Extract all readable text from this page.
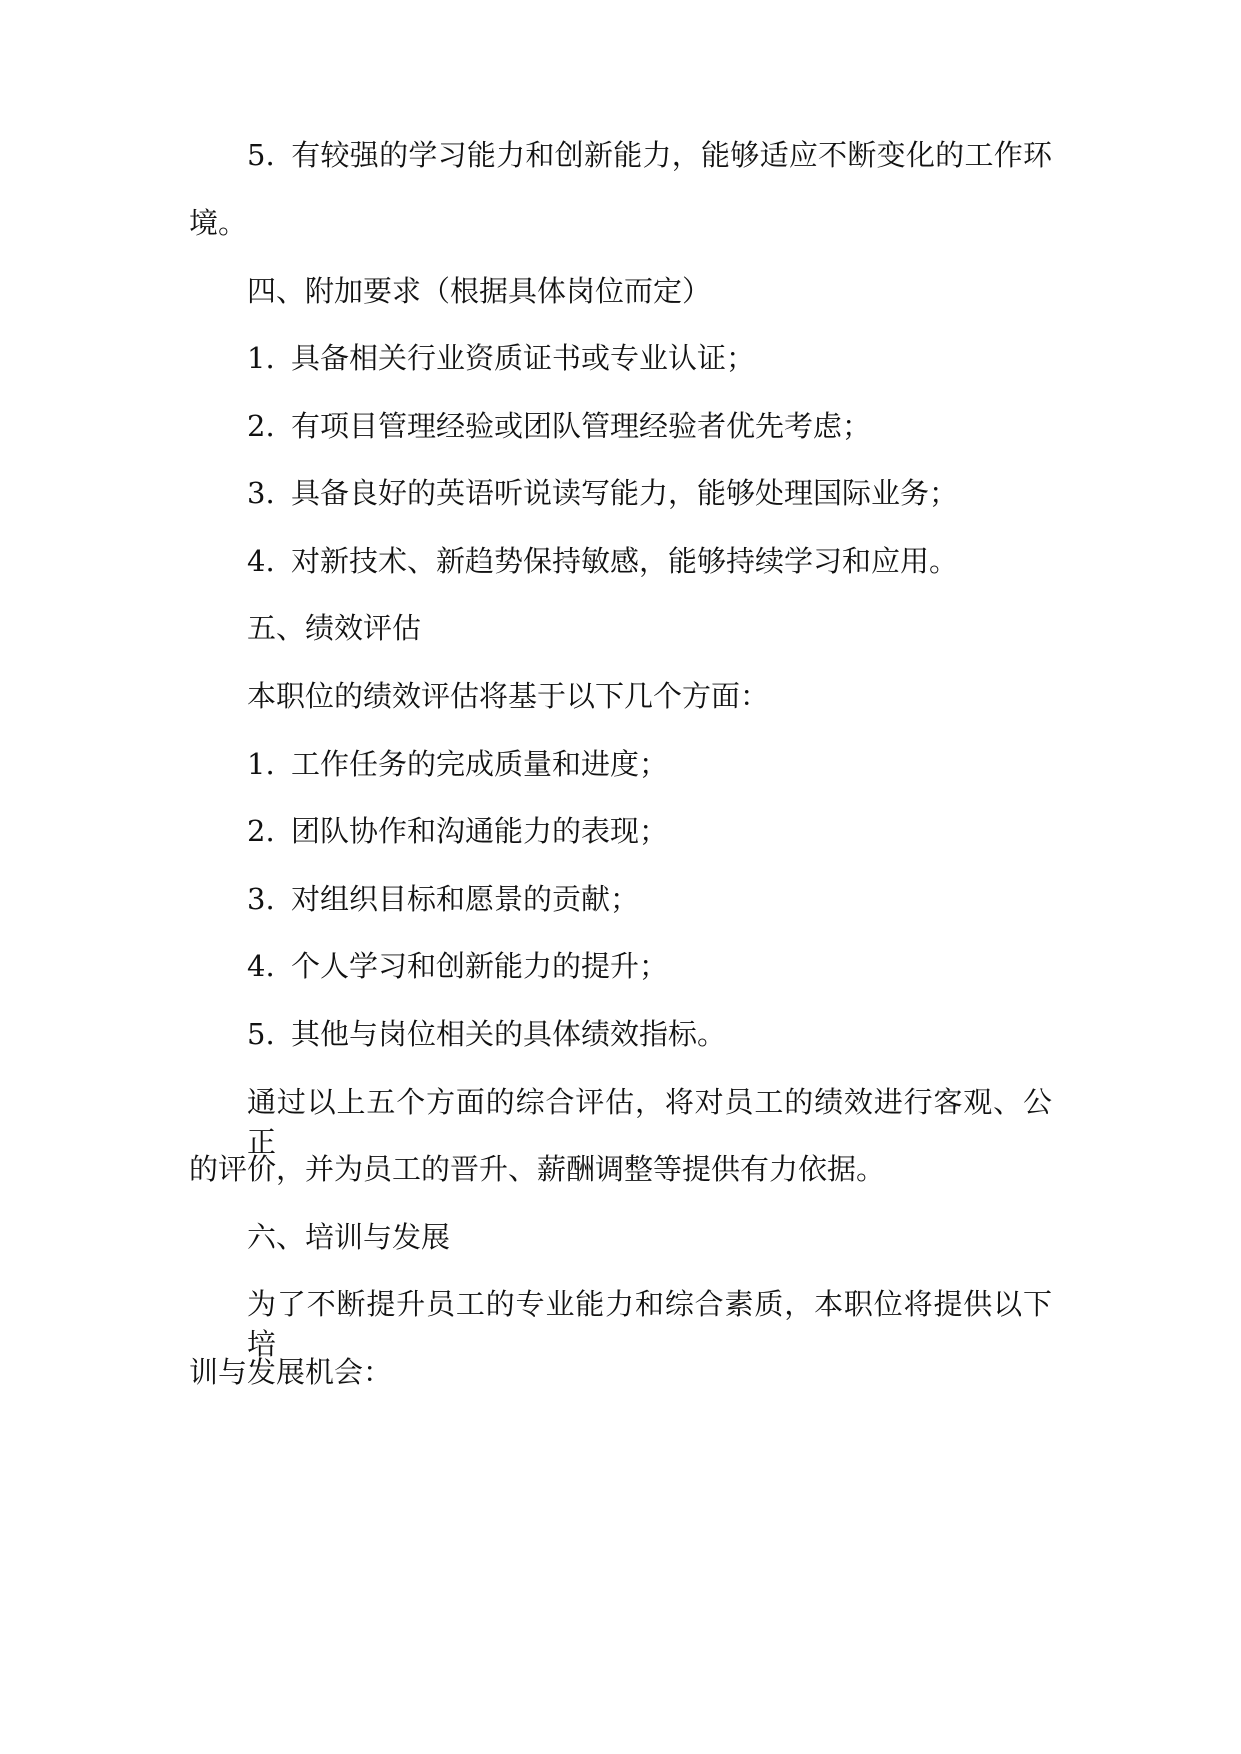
5. 有较强的学习能力和创新能力，能够适应不断变化的工作环
境。
四、附加要求（根据具体岗位而定）
1. 具备相关行业资质证书或专业认证；
2. 有项目管理经验或团队管理经验者优先考虑；
3. 具备良好的英语听说读写能力，能够处理国际业务；
4. 对新技术、新趋势保持敏感，能够持续学习和应用。
五、绩效评估
本职位的绩效评估将基于以下几个方面：
1. 工作任务的完成质量和进度；
2. 团队协作和沟通能力的表现；
3. 对组织目标和愿景的贡献；
4. 个人学习和创新能力的提升；
5. 其他与岗位相关的具体绩效指标。
通过以上五个方面的综合评估，将对员工的绩效进行客观、公正
的评价，并为员工的晋升、薪酬调整等提供有力依据。
六、培训与发展
为了不断提升员工的专业能力和综合素质，本职位将提供以下培
训与发展机会：
